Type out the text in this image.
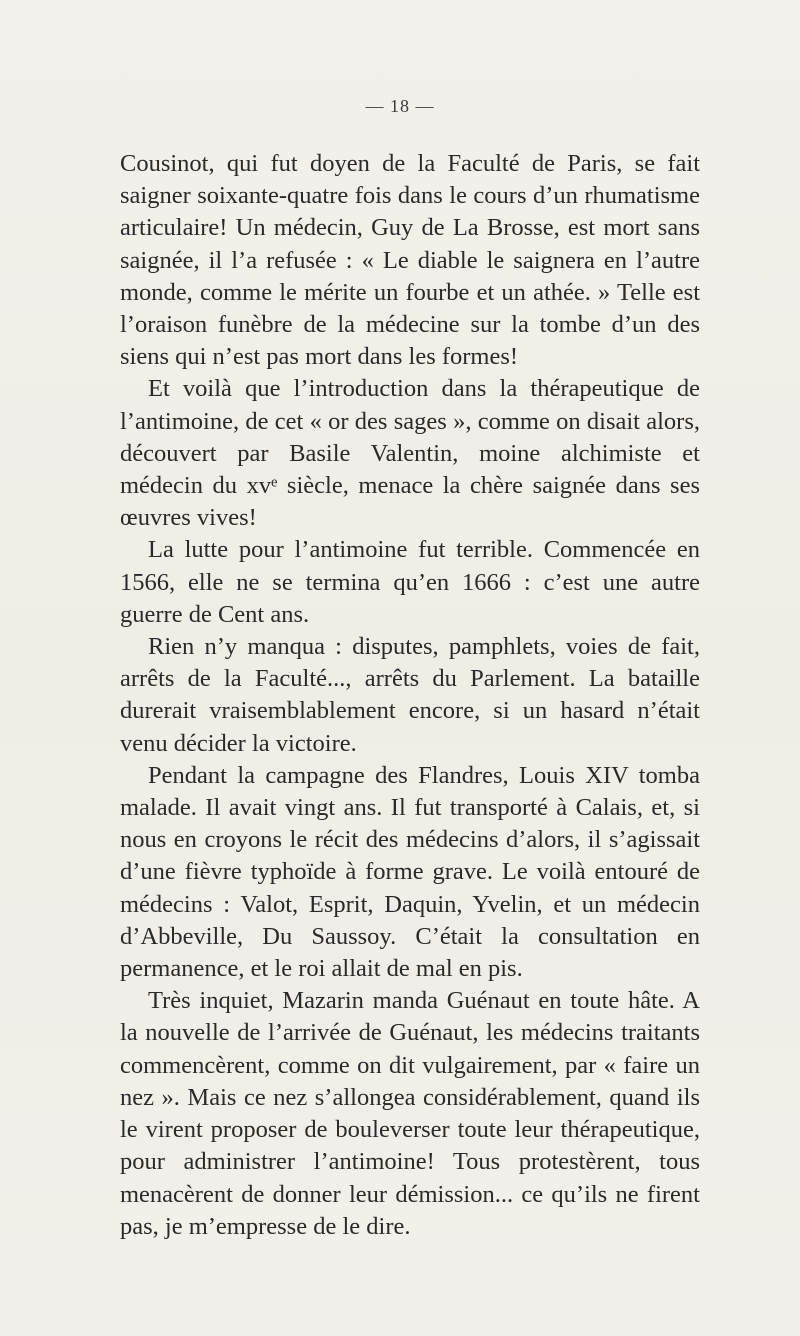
— 18 —

Cousinot, qui fut doyen de la Faculté de Paris, se fait saigner soixante-quatre fois dans le cours d’un rhumatisme articulaire! Un médecin, Guy de La Brosse, est mort sans saignée, il l’a refusée : « Le diable le saignera en l’autre monde, comme le mérite un fourbe et un athée. » Telle est l’oraison funèbre de la médecine sur la tombe d’un des siens qui n’est pas mort dans les formes!

Et voilà que l’introduction dans la thérapeutique de l’antimoine, de cet « or des sages », comme on disait alors, découvert par Basile Valentin, moine alchimiste et médecin du xvᵉ siècle, menace la chère saignée dans ses œuvres vives!

La lutte pour l’antimoine fut terrible. Commencée en 1566, elle ne se termina qu’en 1666 : c’est une autre guerre de Cent ans.

Rien n’y manqua : disputes, pamphlets, voies de fait, arrêts de la Faculté..., arrêts du Parlement. La bataille durerait vraisemblablement encore, si un hasard n’était venu décider la victoire.

Pendant la campagne des Flandres, Louis XIV tomba malade. Il avait vingt ans. Il fut transporté à Calais, et, si nous en croyons le récit des médecins d’alors, il s’agissait d’une fièvre typhoïde à forme grave. Le voilà entouré de médecins : Valot, Esprit, Daquin, Yvelin, et un médecin d’Abbeville, Du Saussoy. C’était la consultation en permanence, et le roi allait de mal en pis.

Très inquiet, Mazarin manda Guénaut en toute hâte. A la nouvelle de l’arrivée de Guénaut, les médecins traitants commencèrent, comme on dit vulgairement, par « faire un nez ». Mais ce nez s’allongea considérablement, quand ils le virent proposer de bouleverser toute leur thérapeutique, pour administrer l’antimoine! Tous protestèrent, tous menacèrent de donner leur démission... ce qu’ils ne firent pas, je m’empresse de le dire.
